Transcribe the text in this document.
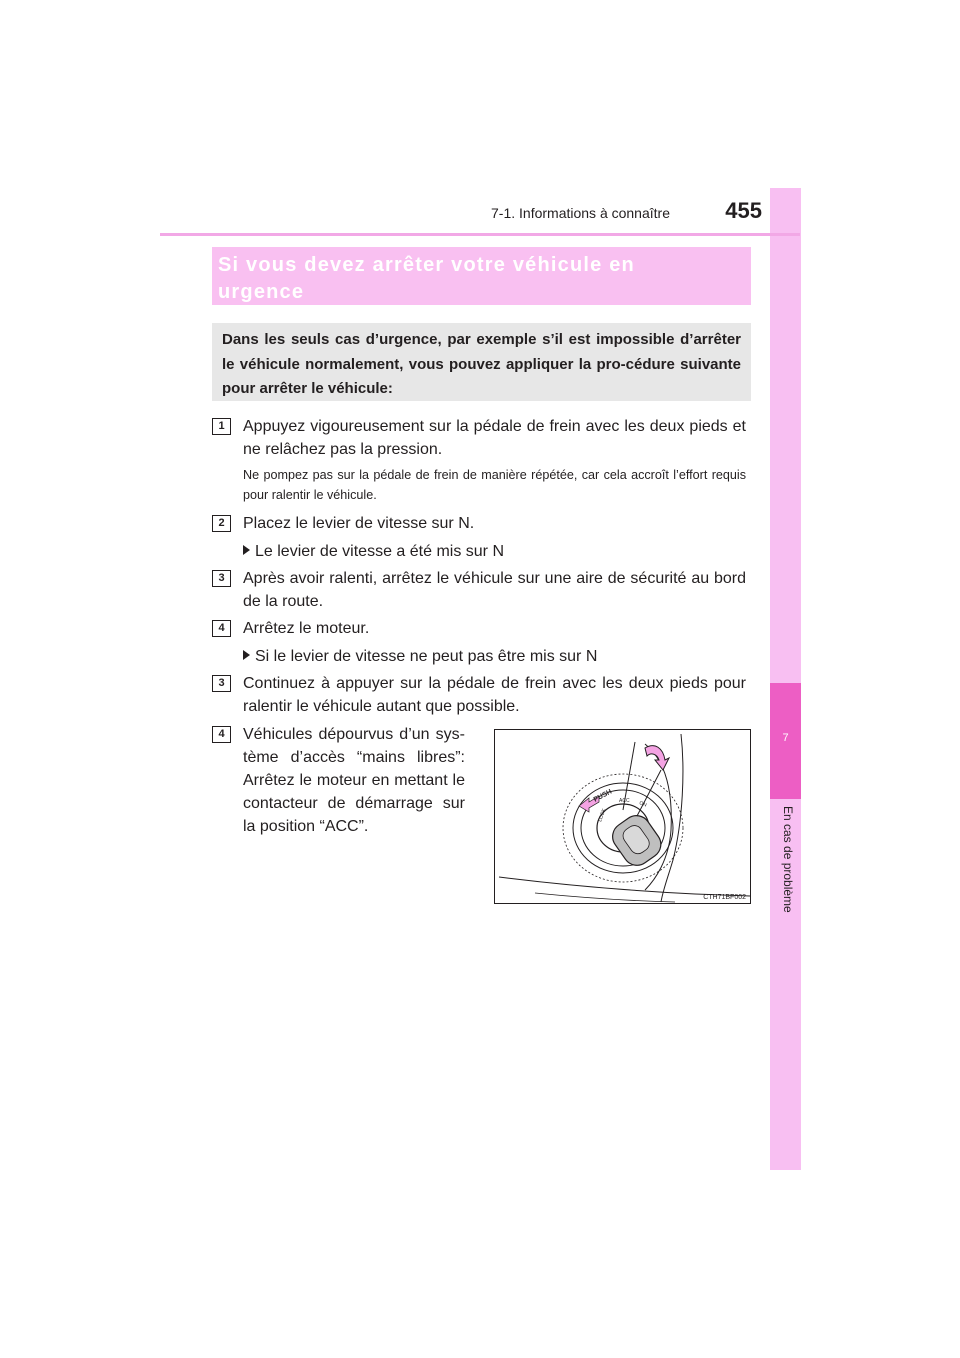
7
En cas de problème
7-1. Informations à connaître	455
Si vous devez arrêter votre véhicule en
urgence
Dans les seuls cas d’urgence, par exemple s’il est impossible d’arrêter le véhicule normalement, vous pouvez appliquer la pro-cédure suivante pour arrêter le véhicule:
1	Appuyez vigoureusement sur la pédale de frein avec les deux pieds et ne relâchez pas la pression.
Ne pompez pas sur la pédale de frein de manière répétée, car cela accroît l’effort requis pour ralentir le véhicule.
2	Placez le levier de vitesse sur N.
Le levier de vitesse a été mis sur N
3	Après avoir ralenti, arrêtez le véhicule sur une aire de sécurité au bord de la route.
4	Arrêtez le moteur.
Si le levier de vitesse ne peut pas être mis sur N
3	Continuez à appuyer sur la pédale de frein avec les deux pieds pour ralentir le véhicule autant que possible.
4	Véhicules dépourvus d’un sys-tème d’accès “mains libres”: Arrêtez le moteur en mettant le contacteur de démarrage sur la position “ACC”.
PUSH ACC ON
LOCK
CTH71BF002
